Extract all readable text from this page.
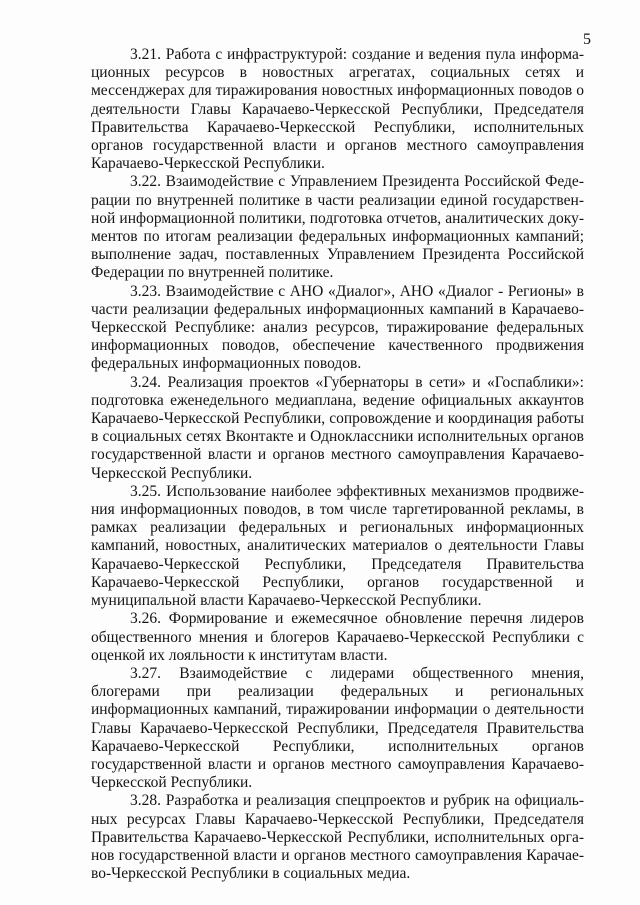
5

3.21. Работа с инфраструктурой: создание и ведения пула информационных ресурсов в новостных агрегатах, социальных сетях и мессенджерах для тиражирования новостных информационных поводов о деятельности Главы Карачаево-Черкесской Республики, Председателя Правительства Карачаево-Черкесской Республики, исполнительных органов государственной власти и органов местного самоуправления Карачаево-Черкесской Республики.

3.22. Взаимодействие с Управлением Президента Российской Федерации по внутренней политике в части реализации единой государственной информационной политики, подготовка отчетов, аналитических документов по итогам реализации федеральных информационных кампаний; выполнение задач, поставленных Управлением Президента Российской Федерации по внутренней политике.

3.23. Взаимодействие с АНО «Диалог», АНО «Диалог - Регионы» в части реализации федеральных информационных кампаний в Карачаево-Черкесской Республике: анализ ресурсов, тиражирование федеральных информационных поводов, обеспечение качественного продвижения федеральных информационных поводов.

3.24. Реализация проектов «Губернаторы в сети» и «Госпаблики»: подготовка еженедельного медиаплана, ведение официальных аккаунтов Карачаево-Черкесской Республики, сопровождение и координация работы в социальных сетях Вконтакте и Одноклассники исполнительных органов государственной власти и органов местного самоуправления Карачаево-Черкесской Республики.

3.25. Использование наиболее эффективных механизмов продвижения информационных поводов, в том числе таргетированной рекламы, в рамках реализации федеральных и региональных информационных кампаний, новостных, аналитических материалов о деятельности Главы Карачаево-Черкесской Республики, Председателя Правительства Карачаево-Черкесской Республики, органов государственной и муниципальной власти Карачаево-Черкесской Республики.

3.26. Формирование и ежемесячное обновление перечня лидеров общественного мнения и блогеров Карачаево-Черкесской Республики с оценкой их лояльности к институтам власти.

3.27. Взаимодействие с лидерами общественного мнения, блогерами при реализации федеральных и региональных информационных кампаний, тиражировании информации о деятельности Главы Карачаево-Черкесской Республики, Председателя Правительства Карачаево-Черкесской Республики, исполнительных органов государственной власти и органов местного самоуправления Карачаево-Черкесской Республики.

3.28. Разработка и реализация спецпроектов и рубрик на официальных ресурсах Главы Карачаево-Черкесской Республики, Председателя Правительства Карачаево-Черкесской Республики, исполнительных органов государственной власти и органов местного самоуправления Карачаево-Черкесской Республики в социальных медиа.
